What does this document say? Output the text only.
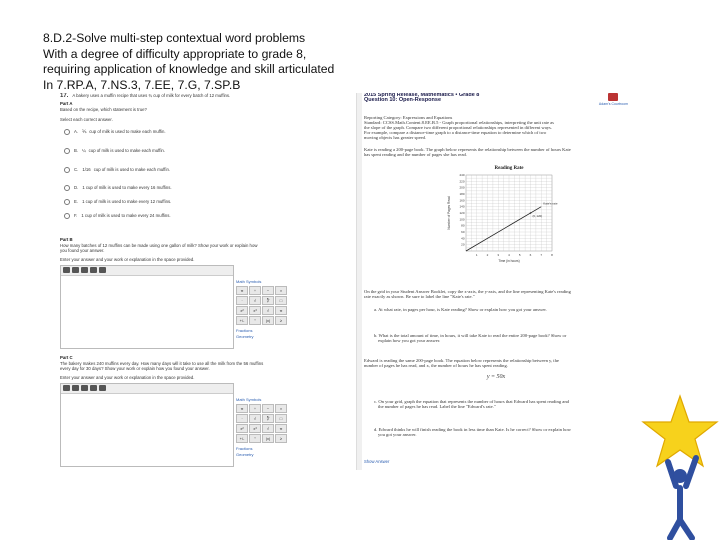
8.D.2-Solve multi-step contextual word problems
With a degree of difficulty appropriate to grade 8,
requiring application of knowledge and skill articulated
In 7.RP.A, 7.NS.3, 7.EE, 7.G, 7.SP.B
17. A bakery uses a muffin recipe that uses ¾ cup of milk for every batch of 12 muffins.
Part A
Based on the recipe, which statement is true?
Select each correct answer.
A. ⅙ cup of milk is used to make each muffin.
B. ¼ cup of milk is used to make each muffin.
C. 1/16 cup of milk is used to make each muffin.
D. 1 cup of milk is used to make every 16 muffins.
E. 1 cup of milk is used to make every 12 muffins.
F. 1 cup of milk is used to make every 24 muffins.
Part B
How many batches of 12 muffins can be made using one gallon of milk? Show your work or explain how
you found your answer.
Enter your answer and your work or explanation in the space provided.
Math Symbols
π	÷	−	×
·	√	∛	□
x²	x³	√	π
+/-	°	|x|	≥
Fractions
Geometry
Part C
The bakery makes 240 muffins every day. How many days will it take to use all the milk from the 56 muffins
every day for 30 days? Show your work or explain how you found your answer.
Enter your answer and your work or explanation in the space provided.
Math Symbols
π	÷	−	×
·	√	∛	□
x²	x³	√	π
+/-	°	|x|	≥
Fractions
Geometry
2015 Spring Release, Mathematics • Grade 8
Question 10: Open-Response
Adam's Courtroom
Reporting Category: Expressions and Equations
Standard: CCSS.Math.Content.8.EE.B.5 - Graph proportional relationships, interpreting the unit rate as
the slope of the graph. Compare two different proportional relationships represented in different ways.
For example, compare a distance-time graph to a distance-time equation to determine which of two
moving objects has greater speed.
Kate is reading a 200-page book. The graph below represents the relationship between the number of hours Kate
has spent reading and the number of pages she has read.
Reading Rate
1	2	3	4	5	6	7	8
20
40
60
80
100
120
140
160
180
200
220
240
Time (in hours)
Number of Pages Read	Kate's rate
(6, 120)
On the grid in your Student Answer Booklet, copy the x-axis, the y-axis, and the line representing Kate's reading
rate exactly as shown. Be sure to label the line "Kate's rate."
a. At what rate, in pages per hour, is Kate reading? Show or explain how you got your answer.
b. What is the total amount of time, in hours, it will take Kate to read the entire 200-page book? Show or
explain how you got your answer.
Edward is reading the same 200-page book. The equation below represents the relationship between y, the
number of pages he has read, and x, the number of hours he has spent reading.
y = 50x
c. On your grid, graph the equation that represents the number of hours that Edward has spent reading and
the number of pages he has read. Label the line "Edward's rate."
d. Edward thinks he will finish reading the book in less time than Kate. Is he correct? Show or explain how
you got your answer.
Show Answer
